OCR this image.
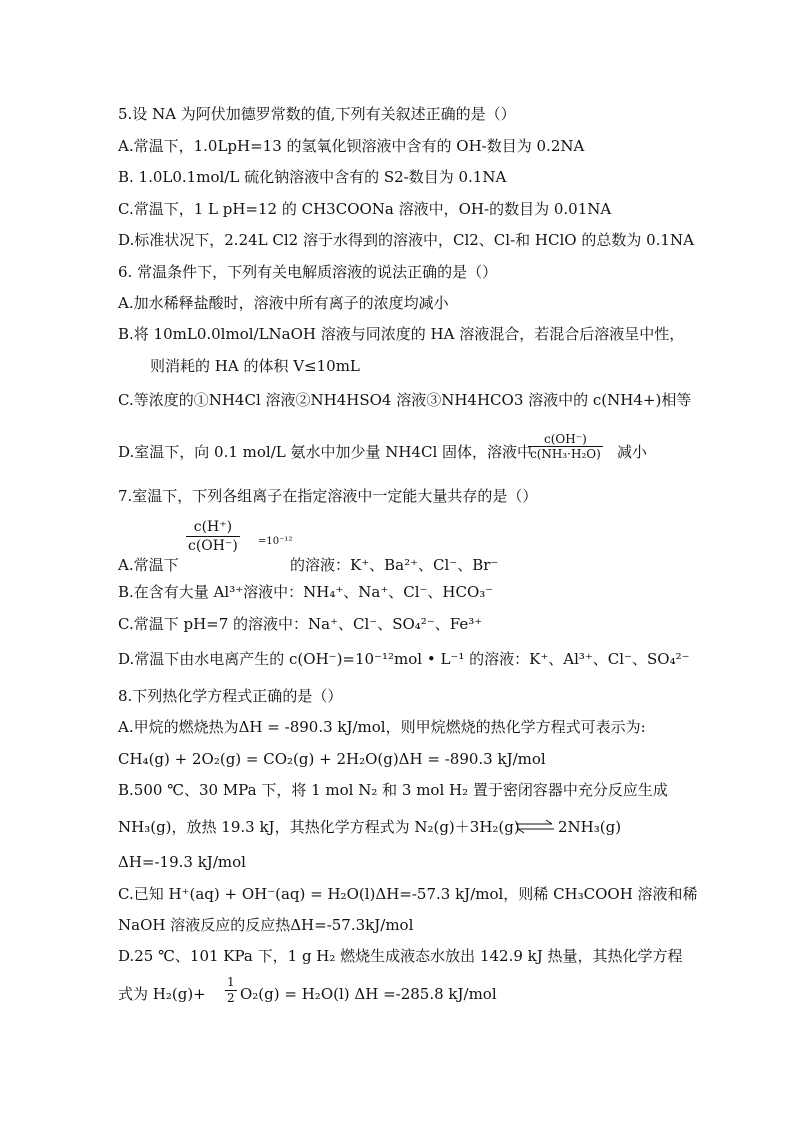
5.设 NA 为阿伏加德罗常数的值,下列有关叙述正确的是（）
A.常温下，1.0LpH=13 的氢氧化钡溶液中含有的 OH-数目为 0.2NA
B. 1.0L0.1mol/L 硫化钠溶液中含有的 S2-数目为 0.1NA
C.常温下，1 L pH=12 的 CH3COONa 溶液中，OH-的数目为 0.01NA
D.标准状况下，2.24L Cl2 溶于水得到的溶液中，Cl2、Cl-和 HClO 的总数为 0.1NA
6. 常温条件下，下列有关电解质溶液的说法正确的是（）
A.加水稀释盐酸时，溶液中所有离子的浓度均减小
B.将 10mL0.0lmol/LNaOH 溶液与同浓度的 HA 溶液混合，若混合后溶液呈中性，
则消耗的 HA 的体积 V≤10mL
C.等浓度的①NH4Cl 溶液②NH4HSO4 溶液③NH4HCO3 溶液中的 c(NH4+)相等
D.室温下，向 0.1 mol/L 氨水中加少量 NH4Cl 固体，溶液中
$\frac{c(OH^-)}{\text{c(NH₃·H₂O)}}$ 减小
7.室温下，下列各组离子在指定溶液中一定能大量共存的是（）
A.常温下
$\frac{c(H^+)}{c(OH^-)} =10^{-12}$
的溶液：K⁺、Ba²⁺、Cl⁻、Br⁻
B.在含有大量 Al³⁺溶液中：NH₄⁺、Na⁺、Cl⁻、HCO₃⁻
C.常温下 pH=7 的溶液中：Na⁺、Cl⁻、SO₄²⁻、Fe³⁺
D.常温下由水电离产生的 c(OH⁻)=10⁻¹²mol • L⁻¹ 的溶液：K⁺、Al³⁺、Cl⁻、SO₄²⁻
8.下列热化学方程式正确的是（）
A.甲烷的燃烧热为ΔH = -890.3 kJ/mol，则甲烷燃烧的热化学方程式可表示为:
CH₄(g) + 2O₂(g) = CO₂(g) + 2H₂O(g)ΔH = -890.3 kJ/mol
B.500 ℃、30 MPa 下，将 1 mol N₂ 和 3 mol H₂ 置于密闭容器中充分反应生成
NH₃(g)，放热 19.3 kJ，其热化学方程式为 N₂(g)＋3H₂(g) ⇌ 2NH₃(g)
ΔH=-19.3 kJ/mol
C.已知 H⁺(aq) + OH⁻(aq) = H₂O(l)ΔH=-57.3 kJ/mol，则稀 CH₃COOH 溶液和稀
NaOH 溶液反应的反应热ΔH=-57.3kJ/mol
D.25 ℃、101 KPa 下，1 g H₂ 燃烧生成液态水放出 142.9 kJ 热量，其热化学方程
式为 $H_2(g)+ \frac{1}{2} O_2(g) = H_2O(l)$ ΔH =-285.8 kJ/mol
